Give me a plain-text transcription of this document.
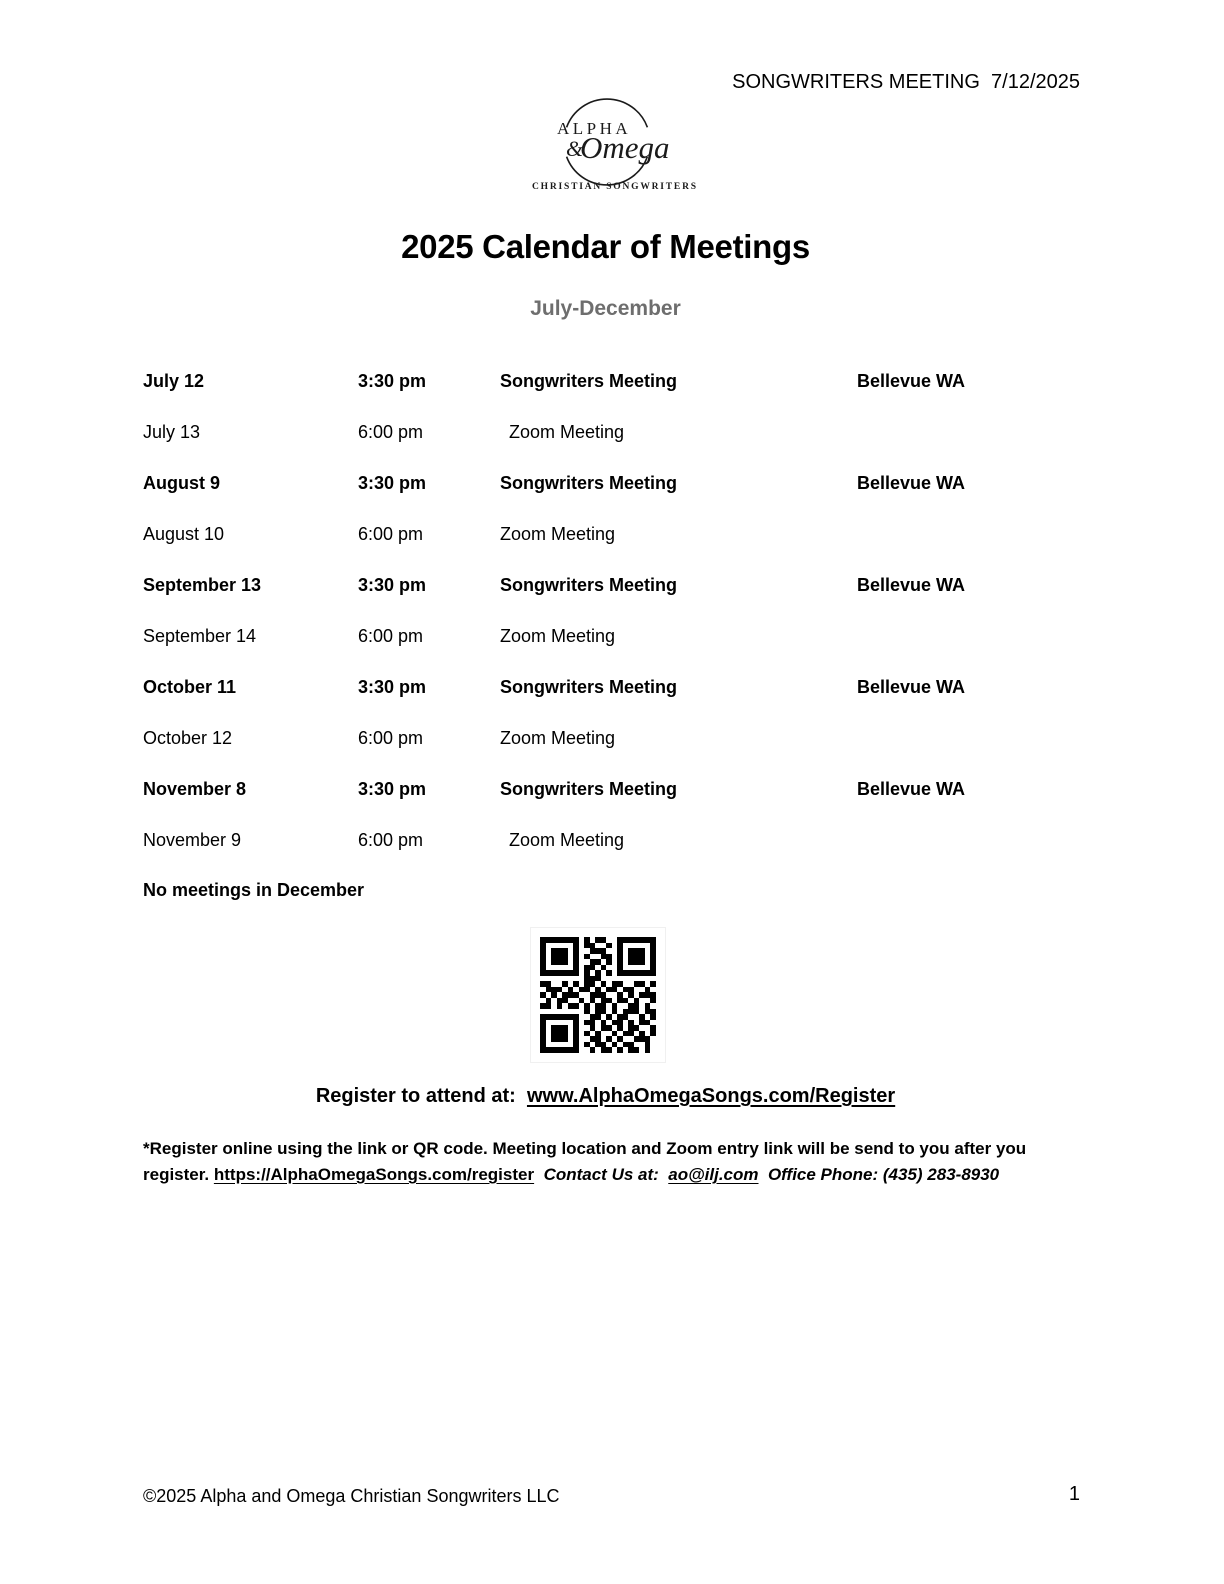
SONGWRITERS MEETING  7/12/2025
ALPHA
&
Omega
CHRISTIAN SONGWRITERS
2025 Calendar of Meetings
July-December
July 12	3:30 pm	Songwriters Meeting	Bellevue WA
July 13	6:00 pm	Zoom Meeting
August 9	3:30 pm	Songwriters Meeting	Bellevue WA
August 10	6:00 pm	Zoom Meeting
September 13	3:30 pm	Songwriters Meeting	Bellevue WA
September 14	6:00 pm	Zoom Meeting
October 11	3:30 pm	Songwriters Meeting	Bellevue WA
October 12	6:00 pm	Zoom Meeting
November 8	3:30 pm	Songwriters Meeting	Bellevue WA
November 9	6:00 pm	Zoom Meeting
No meetings in December
Register to attend at:  www.AlphaOmegaSongs.com/Register

*Register online using the link or QR code. Meeting location and Zoom entry link will be send to you after you register. https://AlphaOmegaSongs.com/register Contact Us at:  ao@ilj.com  Office Phone: (435) 283-8930

©2025 Alpha and Omega Christian Songwriters LLC	1
